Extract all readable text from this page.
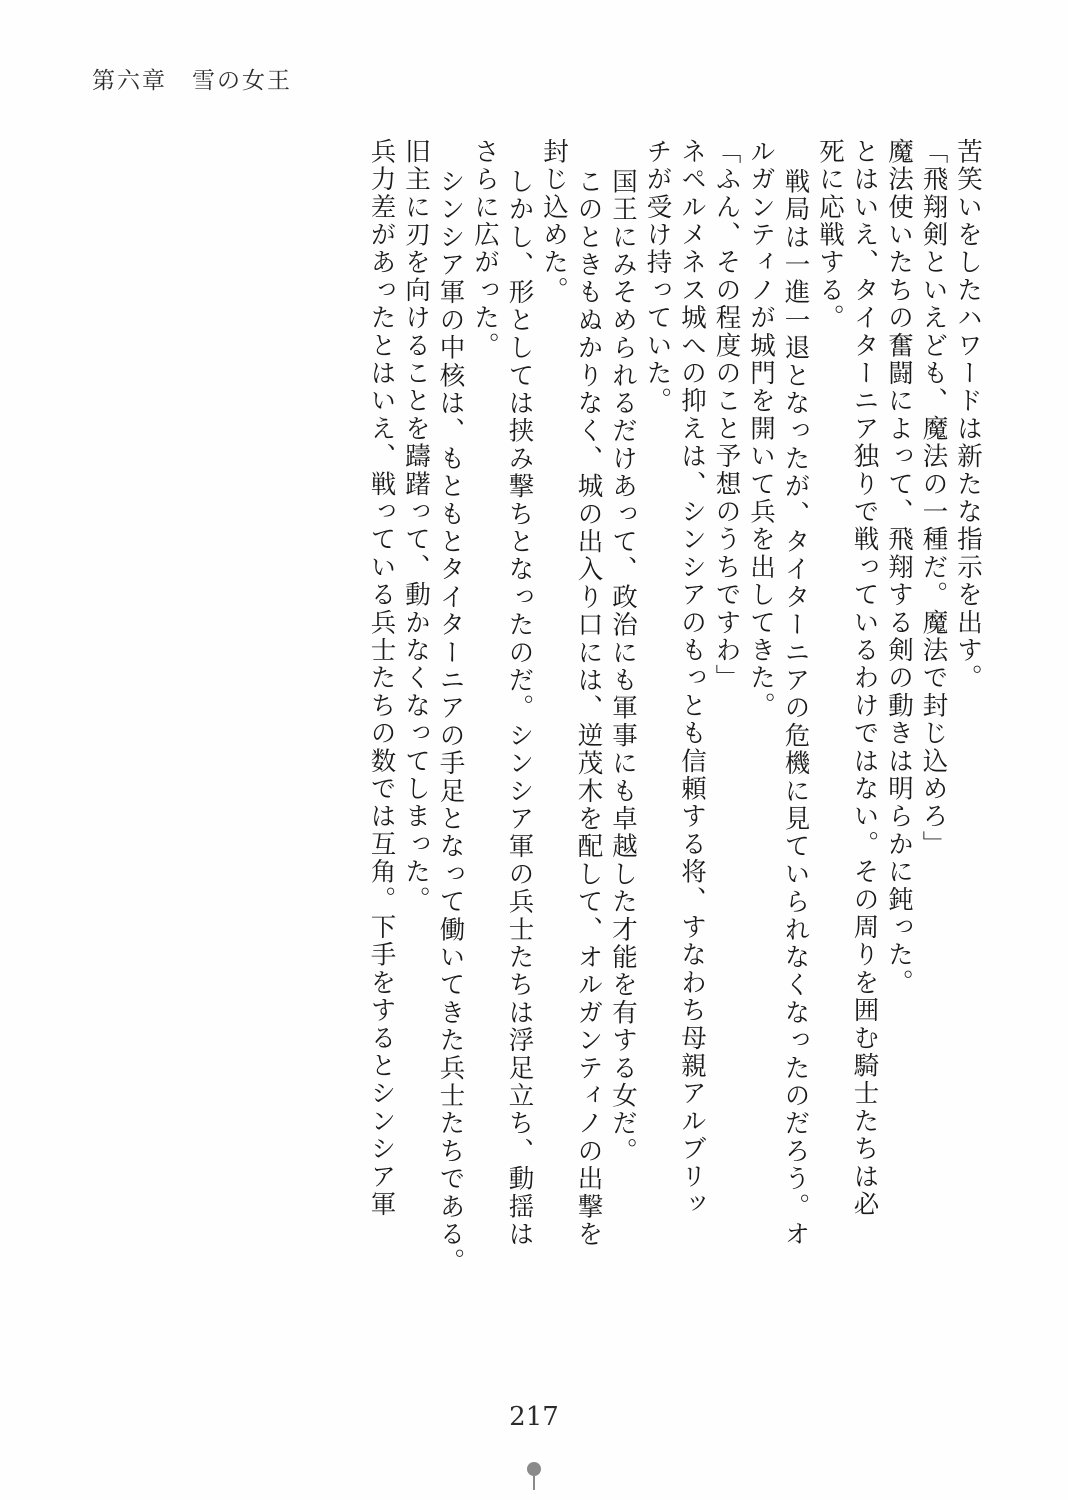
第六章　雪の女王
兵力差があったとはいえ、戦っている兵士たちの数では互角。下手をするとシンシア軍 旧主に刃を向けることを躊躇って、動かなくなってしまった。 シンシア軍の中核は、もともとタイターニアの手足となって働いてきた兵士たちである。 さらに広がった。 しかし、形としては挟み撃ちとなったのだ。シンシア軍の兵士たちは浮足立ち、動揺は 封じ込めた。 このときもぬかりなく、城の出入り口には、逆茂木を配して、オルガンティノの出撃を 国王にみそめられるだけあって、政治にも軍事にも卓越した才能を有する女だ。 チが受け持っていた。 ネペルメネス城への抑えは、シンシアのもっとも信頼する将、すなわち母親アルブリッ 「ふん、その程度のこと予想のうちですわ」 ルガンティノが城門を開いて兵を出してきた。 戦局は一進一退となったが、タイターニアの危機に見ていられなくなったのだろう。オ 死に応戦する。 とはいえ、タイターニア独りで戦っているわけではない。その周りを囲む騎士たちは必 魔法使いたちの奮闘によって、飛翔する剣の動きは明らかに鈍った。 「飛翔剣といえども、魔法の一種だ。魔法で封じ込めろ」 苦笑いをしたハワードは新たな指示を出す。
217
